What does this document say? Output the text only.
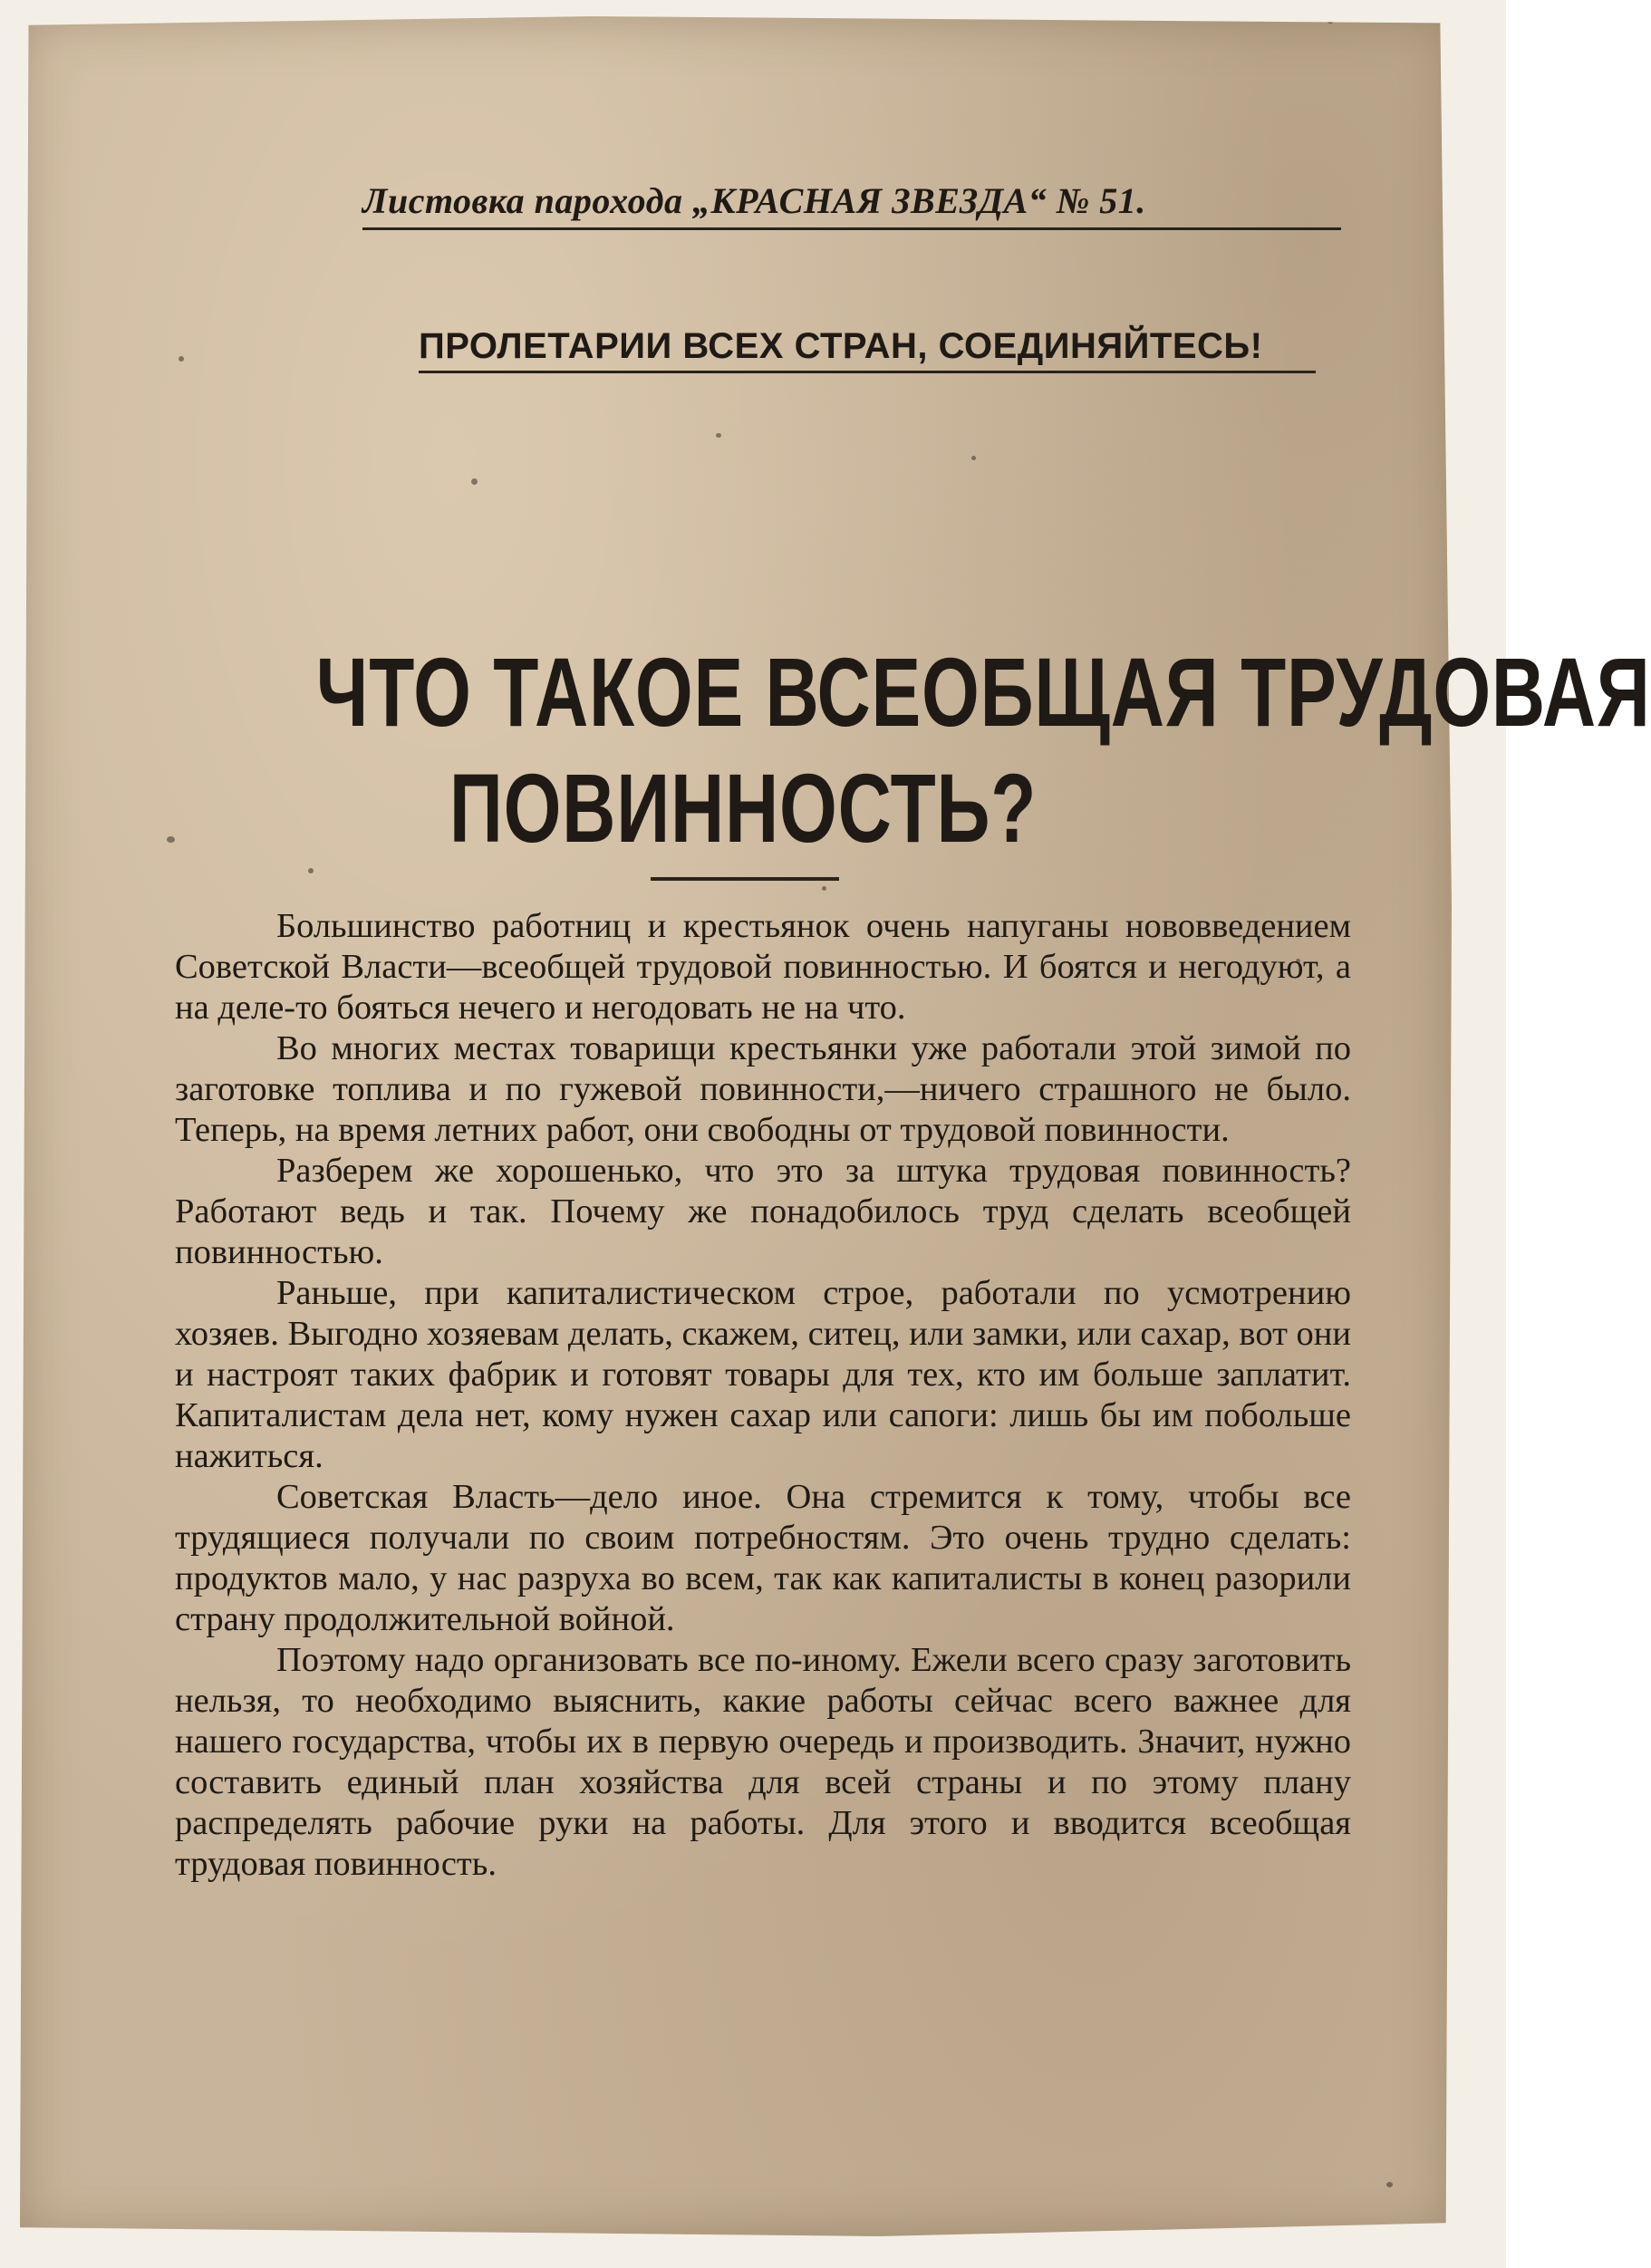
Листовка парохода „КРАСНАЯ ЗВЕЗДА“ № 51.
ПРОЛЕТАРИИ ВСЕХ СТРАН, СОЕДИНЯЙТЕСЬ!
ЧТО ТАКОЕ ВСЕОБЩАЯ ТРУДОВАЯ
ПОВИННОСТЬ?

Большинство работниц и крестьянок очень напуганы нововведением Советской Власти—всеобщей трудовой повинностью. И боятся и негодуют, а на деле-то бояться нечего и негодовать не на что.

Во многих местах товарищи крестьянки уже работали этой зимой по заготовке топлива и по гужевой повинности,—ничего страшного не было. Теперь, на время летних работ, они свободны от трудовой повинности.

Разберем же хорошенько, что это за штука трудовая повинность? Работают ведь и так. Почему же понадобилось труд сделать всеобщей повинностью.

Раньше, при капиталистическом строе, работали по усмотрению хозяев. Выгодно хозяевам делать, скажем, ситец, или замки, или сахар, вот они и настроят таких фабрик и готовят товары для тех, кто им больше заплатит. Капиталистам дела нет, кому нужен сахар или сапоги: лишь бы им побольше нажиться.

Советская Власть—дело иное. Она стремится к тому, чтобы все трудящиеся получали по своим потребностям. Это очень трудно сделать: продуктов мало, у нас разруха во всем, так как капиталисты в конец разорили страну продолжительной войной.

Поэтому надо организовать все по-иному. Ежели всего сразу заготовить нельзя, то необходимо выяснить, какие работы сейчас всего важнее для нашего государства, чтобы их в первую очередь и производить. Значит, нужно составить единый план хозяйства для всей страны и по этому плану распределять рабочие руки на работы. Для этого и вводится всеобщая трудовая повинность.
